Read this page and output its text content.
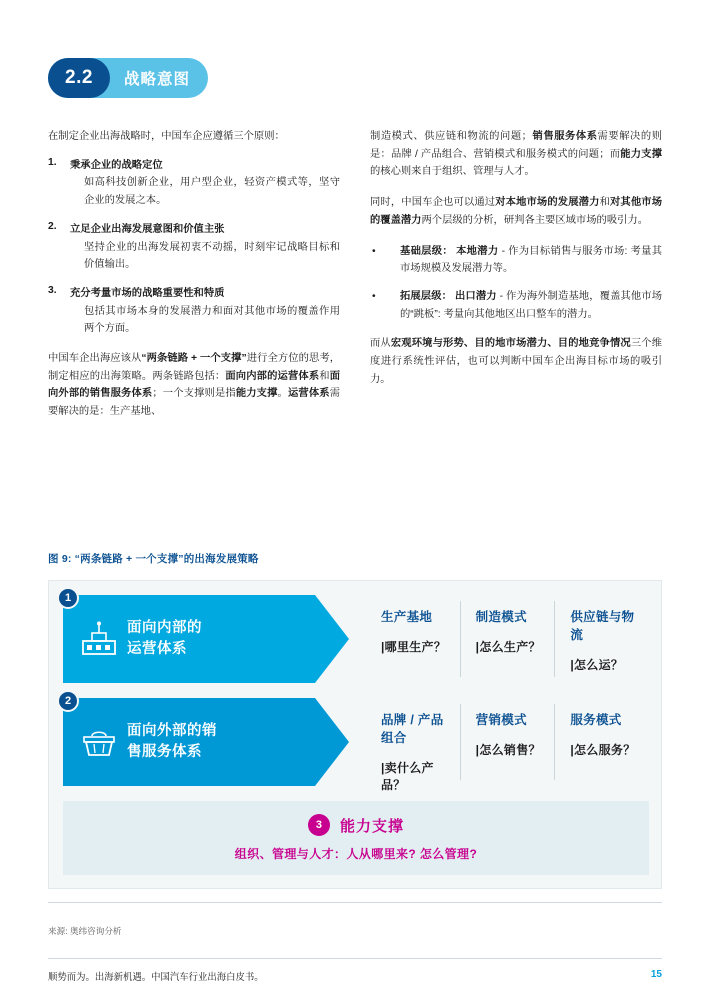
2.2	战略意图

在制定企业出海战略时，中国车企应遵循三个原则：

1. 秉承企业的战略定位
如高科技创新企业，用户型企业，轻资产模式等，坚守企业的发展之本。
2. 立足企业出海发展意图和价值主张
坚持企业的出海发展初衷不动摇，时刻牢记战略目标和价值输出。
3. 充分考量市场的战略重要性和特质
包括其市场本身的发展潜力和面对其他市场的覆盖作用两个方面。

中国车企出海应该从“两条链路 + 一个支撑”进行全方位的思考，制定相应的出海策略。两条链路包括：面向内部的运营体系和面向外部的销售服务体系；一个支撑则是指能力支撑。运营体系需要解决的是：生产基地、

制造模式、供应链和物流的问题；销售服务体系需要解决的则是：品牌 / 产品组合、营销模式和服务模式的问题；而能力支撑的核心则来自于组织、管理与人才。

同时，中国车企也可以通过对本地市场的发展潜力和对其他市场的覆盖潜力两个层级的分析，研判各主要区域市场的吸引力。

• 基础层级： 本地潜力 - 作为目标销售与服务市场: 考量其市场规模及发展潜力等。
• 拓展层级： 出口潜力 - 作为海外制造基地，覆盖其他市场的“跳板”: 考量向其他地区出口整车的潜力。

而从宏观环境与形势、目的地市场潜力、目的地竞争情况三个维度进行系统性评估，也可以判断中国车企出海目标市场的吸引力。

图 9: “两条链路 + 一个支撑”的出海发展策略
1
面向内部的
运营体系
生产基地
|哪里生产？
制造模式
|怎么生产？
供应链与物流
|怎么运？
2
面向外部的销
售服务体系
品牌 / 产品组合
|卖什么产品？
营销模式
|怎么销售？
服务模式
|怎么服务？
3	能力支撑
组织、管理与人才：人从哪里来? 怎么管理?
来源: 奥纬咨询分析
顺势而为。出海新机遇。中国汽车行业出海白皮书。	15
